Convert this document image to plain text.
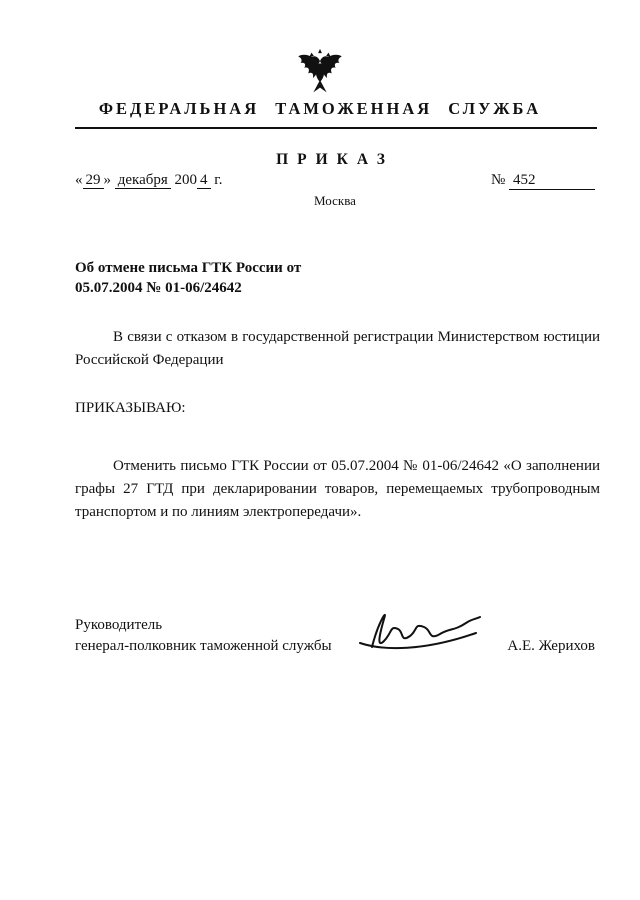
ФЕДЕРАЛЬНАЯ ТАМОЖЕННАЯ СЛУЖБА
ПРИКАЗ
« 29 » декабря 200 4 г.	№ 452
Москва
Об отмене письма ГТК России от
05.07.2004 № 01-06/24642
В связи с отказом в государственной регистрации Министерством юстиции Российской Федерации
ПРИКАЗЫВАЮ:
Отменить письмо ГТК России от 05.07.2004 № 01-06/24642 «О заполнении графы 27 ГТД при декларировании товаров, перемещаемых трубопроводным транспортом и по линиям электропередачи».
Руководитель
генерал-полковник таможенной службы	А.Е. Жерихов
